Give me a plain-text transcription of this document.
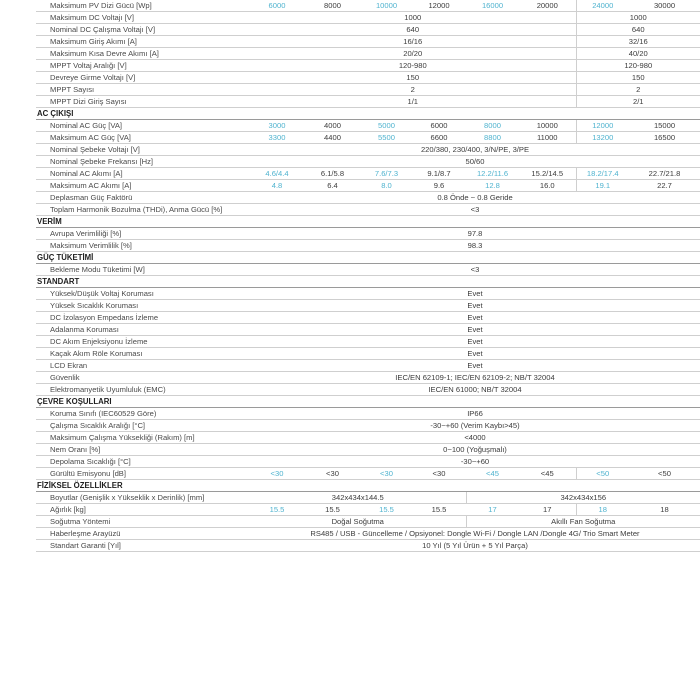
Maksimum PV Dizi Gücü [Wp]	6000	8000	10000	12000	16000	20000	24000	30000
Maksimum DC Voltajı [V]	1000						1000	
Nominal DC Çalışma Voltajı [V]	640						640	
Maksimum Giriş Akımı [A]	16/16						32/16	
Maksimum Kısa Devre Akımı [A]	20/20						40/20	
MPPT Voltaj Aralığı [V]	120-980						120-980	
Devreye Girme Voltajı [V]	150						150	
MPPT Sayısı	2						2	
MPPT Dizi Giriş Sayısı	1/1						2/1	
AC ÇIKIŞI								
Nominal AC Güç [VA]	3000	4000	5000	6000	8000	10000	12000	15000
Maksimum AC Güç [VA]	3300	4400	5500	6600	8800	11000	13200	16500
Nominal Şebeke Voltajı [V]	220/380, 230/400, 3/N/PE, 3/PE							
Nominal Şebeke Frekansı [Hz]	50/60							
Nominal AC Akımı [A]	4.6/4.4	6.1/5.8	7.6/7.3	9.1/8.7	12.2/11.6	15.2/14.5	18.2/17.4	22.7/21.8
Maksimum AC Akımı [A]	4.8	6.4	8.0	9.6	12.8	16.0	19.1	22.7
Deplasman Güç Faktörü	0.8 Önde ~ 0.8 Geride							
Toplam Harmonik Bozulma (THDi), Anma Gücü [%]	<3							
VERİM								
Avrupa Verimliliği [%]	97.8							
Maksimum Verimlilik [%]	98.3							
GÜÇ TÜKETİMİ								
Bekleme Modu Tüketimi [W]	<3							
STANDART								
Yüksek/Düşük Voltaj Koruması	Evet							
Yüksek Sıcaklık Koruması	Evet							
DC İzolasyon Empedans İzleme	Evet							
Adalanma Koruması	Evet							
DC Akım Enjeksiyonu İzleme	Evet							
Kaçak Akım Röle Koruması	Evet							
LCD Ekran	Evet							
Güvenlik	IEC/EN 62109-1; IEC/EN 62109-2; NB/T 32004							
Elektromanyetik Uyumluluk (EMC)	IEC/EN 61000; NB/T 32004							
ÇEVRE KOŞULLARI								
Koruma Sınıfı (IEC60529 Göre)	IP66							
Çalışma Sıcaklık Aralığı [°C]	-30~+60 (Verim Kaybı>45)							
Maksimum Çalışma Yüksekliği (Rakım) [m]	<4000							
Nem Oranı [%]	0~100 (Yoğuşmalı)							
Depolama Sıcaklığı [°C]	-30~+60							
Gürültü Emisyonu [dB]	<30	<30	<30	<30	<45	<45	<50	<50
FİZİKSEL ÖZELLİKLER								
Boyutlar (Genişlik x Yükseklik x Derinlik) [mm]	342x434x144.5				342x434x156			
Ağırlık [kg]	15.5	15.5	15.5	15.5	17	17	18	18
Soğutma Yöntemi	Doğal Soğutma				Akıllı Fan Soğutma			
Haberleşme Arayüzü	RS485 / USB - Güncelleme / Opsiyonel: Dongle Wi-Fi / Dongle LAN /Dongle 4G/ Trio Smart Meter							
Standart Garanti [Yıl]	10 Yıl (5 Yıl Ürün + 5 Yıl Parça)							
